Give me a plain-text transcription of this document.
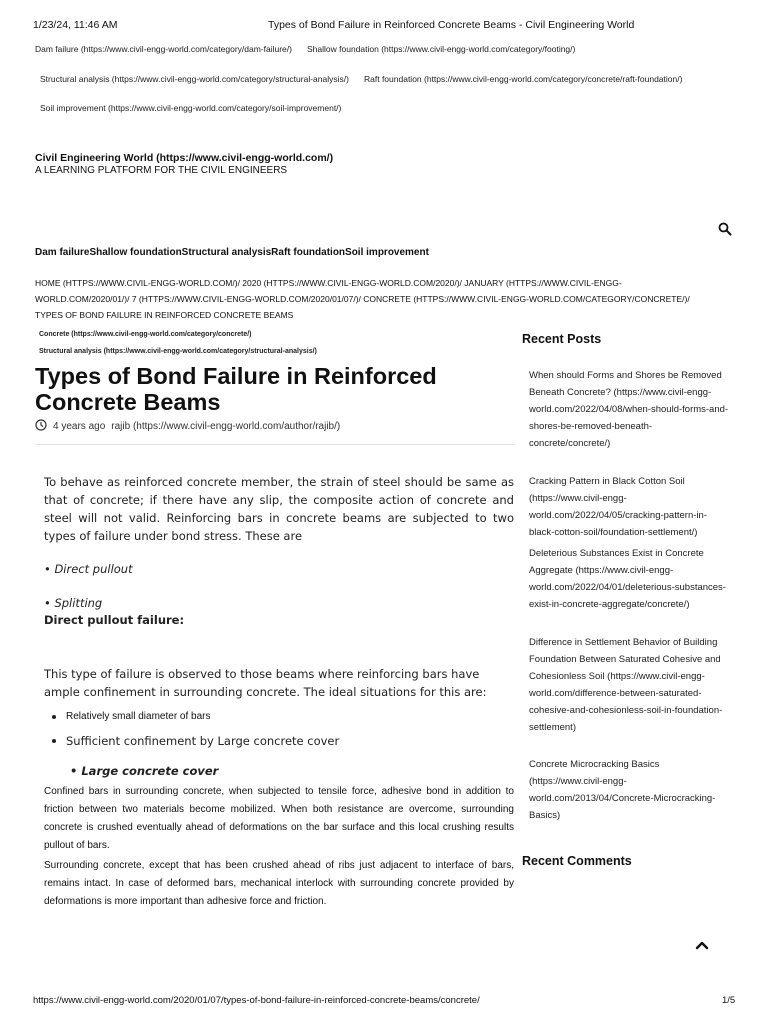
1/23/24, 11:46 AM	Types of Bond Failure in Reinforced Concrete Beams - Civil Engineering World
Dam failure (https://www.civil-engg-world.com/category/dam-failure/) Shallow foundation (https://www.civil-engg-world.com/category/footing/)
Structural analysis (https://www.civil-engg-world.com/category/structural-analysis/) Raft foundation (https://www.civil-engg-world.com/category/concrete/raft-foundation/)
Soil improvement (https://www.civil-engg-world.com/category/soil-improvement/)
Civil Engineering World (https://www.civil-engg-world.com/)
A LEARNING PLATFORM FOR THE CIVIL ENGINEERS
Dam failureShallow foundationStructural analysisRaft foundationSoil improvement
HOME (HTTPS://WWW.CIVIL-ENGG-WORLD.COM/)/ 2020 (HTTPS://WWW.CIVIL-ENGG-WORLD.COM/2020/)/ JANUARY (HTTPS://WWW.CIVIL-ENGG-
WORLD.COM/2020/01/)/ 7 (HTTPS://WWW.CIVIL-ENGG-WORLD.COM/2020/01/07/)/ CONCRETE (HTTPS://WWW.CIVIL-ENGG-WORLD.COM/CATEGORY/CONCRETE/)/
TYPES OF BOND FAILURE IN REINFORCED CONCRETE BEAMS
Concrete (https://www.civil-engg-world.com/category/concrete/)
Structural analysis (https://www.civil-engg-world.com/category/structural-analysis/)
Types of Bond Failure in Reinforced Concrete Beams
4 years ago rajib (https://www.civil-engg-world.com/author/rajib/)

To behave as reinforced concrete member, the strain of steel should be same as that of concrete; if there have any slip, the composite action of concrete and steel will not valid. Reinforcing bars in concrete beams are subjected to two types of failure under bond stress. These are

• Direct pullout
• Splitting
Direct pullout failure:

This type of failure is observed to those beams where reinforcing bars have ample confinement in surrounding concrete. The ideal situations for this are:

Relatively small diameter of bars
Sufficient confinement by Large concrete cover
• Large concrete cover

Confined bars in surrounding concrete, when subjected to tensile force, adhesive bond in addition to friction between two materials become mobilized. When both resistance are overcome, surrounding concrete is crushed eventually ahead of deformations on the bar surface and this local crushing results pullout of bars.

Surrounding concrete, except that has been crushed ahead of ribs just adjacent to interface of bars, remains intact. In case of deformed bars, mechanical interlock with surrounding concrete provided by deformations is more important than adhesive force and friction.

Recent Posts
When should Forms and Shores be Removed Beneath Concrete? (https://www.civil-engg-world.com/2022/04/08/when-should-forms-and-shores-be-removed-beneath-concrete/concrete/)
Cracking Pattern in Black Cotton Soil (https://www.civil-engg-world.com/2022/04/05/cracking-pattern-in-black-cotton-soil/foundation-settlement/)
Deleterious Substances Exist in Concrete Aggregate (https://www.civil-engg-world.com/2022/04/01/deleterious-substances-exist-in-concrete-aggregate/concrete/)
Difference in Settlement Behavior of Building Foundation Between Saturated Cohesive and Cohesionless Soil (https://www.civil-engg-world.com/difference-between-saturated-cohesive-and-cohesionless-soil-in-foundation-settlement)
Concrete Microcracking Basics (https://www.civil-engg-world.com/2013/04/Concrete-Microcracking-Basics)
Recent Comments
https://www.civil-engg-world.com/2020/01/07/types-of-bond-failure-in-reinforced-concrete-beams/concrete/	1/5
